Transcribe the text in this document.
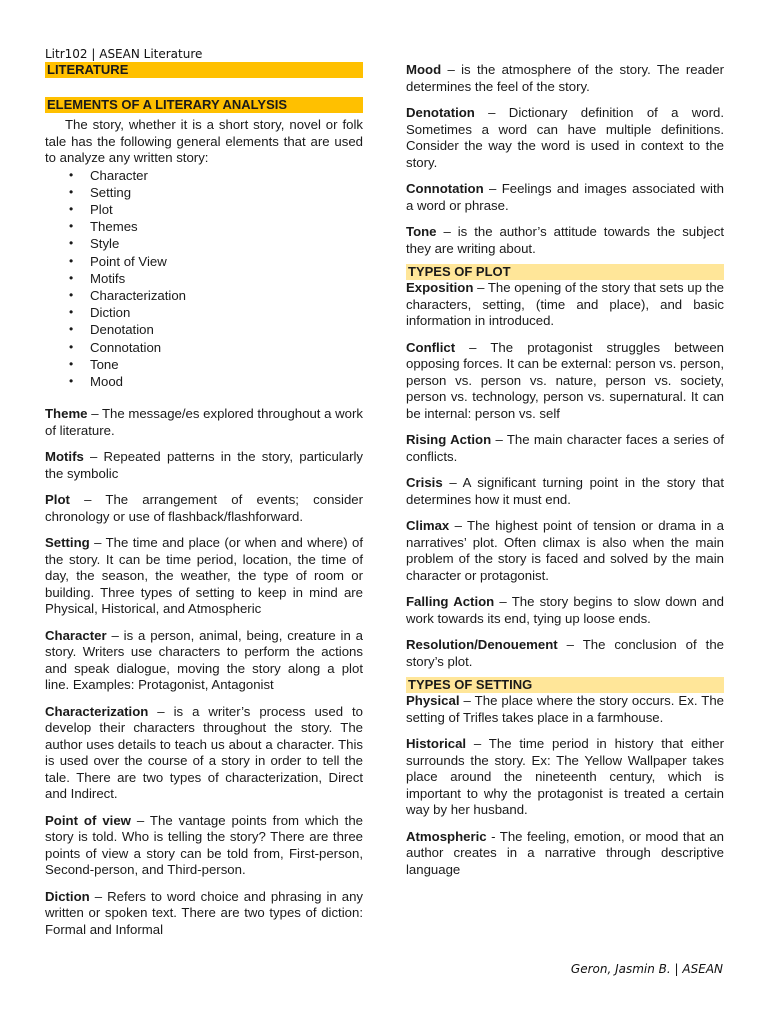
Litr102 | ASEAN Literature
LITERATURE
ELEMENTS OF A LITERARY ANALYSIS

The story, whether it is a short story, novel or folk tale has the following general elements that are used to analyze any written story:

• Character
• Setting
• Plot
• Themes
• Style
• Point of View
• Motifs
• Characterization
• Diction
• Denotation
• Connotation
• Tone
• Mood

Theme – The message/es explored throughout a work of literature.

Motifs – Repeated patterns in the story, particularly the symbolic

Plot – The arrangement of events; consider chronology or use of flashback/flashforward.

Setting – The time and place (or when and where) of the story. It can be time period, location, the time of day, the season, the weather, the type of room or building. Three types of setting to keep in mind are Physical, Historical, and Atmospheric

Character – is a person, animal, being, creature in a story. Writers use characters to perform the actions and speak dialogue, moving the story along a plot line. Examples: Protagonist, Antagonist

Characterization – is a writer’s process used to develop their characters throughout the story. The author uses details to teach us about a character. This is used over the course of a story in order to tell the tale. There are two types of characterization, Direct and Indirect.

Point of view – The vantage points from which the story is told. Who is telling the story? There are three points of view a story can be told from, First-person, Second-person, and Third-person.

Diction – Refers to word choice and phrasing in any written or spoken text. There are two types of diction: Formal and Informal

Mood – is the atmosphere of the story. The reader determines the feel of the story.

Denotation – Dictionary definition of a word. Sometimes a word can have multiple definitions. Consider the way the word is used in context to the story.

Connotation – Feelings and images associated with a word or phrase.

Tone – is the author’s attitude towards the subject they are writing about.

TYPES OF PLOT

Exposition – The opening of the story that sets up the characters, setting, (time and place), and basic information in introduced.

Conflict – The protagonist struggles between opposing forces. It can be external: person vs. person, person vs. person vs. nature, person vs. society, person vs. technology, person vs. supernatural. It can be internal: person vs. self

Rising Action – The main character faces a series of conflicts.

Crisis – A significant turning point in the story that determines how it must end.

Climax – The highest point of tension or drama in a narratives’ plot. Often climax is also when the main problem of the story is faced and solved by the main character or protagonist.

Falling Action – The story begins to slow down and work towards its end, tying up loose ends.

Resolution/Denouement – The conclusion of the story’s plot.

TYPES OF SETTING

Physical – The place where the story occurs. Ex. The setting of Trifles takes place in a farmhouse.

Historical – The time period in history that either surrounds the story. Ex: The Yellow Wallpaper takes place around the nineteenth century, which is important to why the protagonist is treated a certain way by her husband.

Atmospheric - The feeling, emotion, or mood that an author creates in a narrative through descriptive language

Geron, Jasmin B. | ASEAN
